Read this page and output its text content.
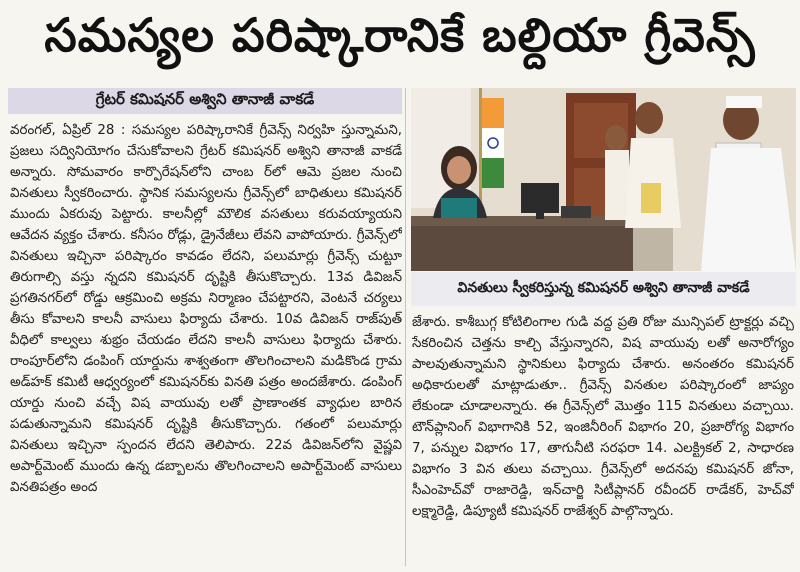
సమస్యల పరిష్కారానికే బల్దియా గ్రీవెన్స్
గ్రేటర్ కమిషనర్ అశ్విని తానాజీ వాకడే
వరంగల్, ఏప్రిల్ 28 : సమస్యల పరిష్కారానికే గ్రీవెన్స్ నిర్వహి స్తున్నామని, ప్రజలు సద్వినియోగం చేసుకోవాలని గ్రేటర్ కమిషనర్ అశ్విని తానాజీ వాకడే అన్నారు. సోమవారం కార్పొరేషన్‌లోని చాంబ ర్‌లో ఆమె ప్రజల నుంచి వినతులు స్వీకరించారు. స్థానిక సమస్యలను గ్రీవెన్స్‌లో బాధితులు కమిషనర్ ముందు ఏకరువు పెట్టారు. కాలనీల్లో మౌలిక వసతులు కరువయ్యాయని ఆవేదన వ్యక్తం చేశారు. కనీసం రోడ్లు, డ్రైనేజీలు లేవని వాపోయారు. గ్రీవెన్స్‌లో వినతులు ఇచ్చినా పరిష్కారం కావడం లేదని, పలుమార్లు గ్రీవెన్స్ చుట్టూ తిరుగాల్సి వస్తు న్నదని కమిషనర్ దృష్టికి తీసుకొచ్చారు. 13వ డివిజన్ ప్రగతినగర్‌లో రోడ్డు ఆక్రమించి అక్రమ నిర్మాణం చేపట్టారని, వెంటనే చర్యలు తీసు కోవాలని కాలనీ వాసులు ఫిర్యాదు చేశారు. 10వ డివిజన్ రాజ్‌పుత్ వీధిలో కాల్వలు శుభ్రం చేయడం లేదని కాలనీ వాసులు ఫిర్యాదు చేశారు. రాంపూర్‌లోని డంపింగ్ యార్డును శాశ్వతంగా తొలగించాలని మడికొండ గ్రామ అడ్‌హక్ కమిటీ ఆధ్వర్యంలో కమిషనర్‌కు వినతి పత్రం అందజేశారు. డంపింగ్ యార్డు నుంచి వచ్చే విష వాయువు లతో ప్రాణాంతక వ్యాధుల బారిన పడుతున్నామని కమిషనర్ దృష్టికి తీసుకొచ్చారు. గతంలో పలుమార్లు వినతులు ఇచ్చినా స్పందన లేదని తెలిపారు. 22వ డివిజన్‌లోని వైష్ణవి అపార్ట్‌మెంట్ ముందు ఉన్న డబ్బాలను తొలగించాలని అపార్ట్‌మెంట్ వాసులు వినతిపత్రం అంద
వినతులు స్వీకరిస్తున్న కమిషనర్ అశ్విని తానాజీ వాకడే
జేశారు. కాశీబుగ్గ కోటిలింగాల గుడి వద్ద ప్రతి రోజు మున్సిపల్ ట్రాక్టర్లు వచ్చి సేకరించిన చెత్తను కాల్చి వేస్తున్నారని, విష వాయువు లతో అనారోగ్యం పాలవుతున్నామని స్థానికులు ఫిర్యాదు చేశారు. అనంతరం కమిషనర్ అధికారులతో మాట్లాడుతూ.. గ్రీవెన్స్ వినతుల పరిష్కారంలో జాప్యం లేకుండా చూడాలన్నారు. ఈ గ్రీవెన్స్‌లో మొత్తం 115 వినతులు వచ్చాయి. టౌన్‌ప్లానింగ్ విభాగానికి 52, ఇంజినీరింగ్ విభాగం 20, ప్రజారోగ్య విభాగం 7, పన్నుల విభాగం 17, తాగునీటి సరఫరా 14. ఎలక్ట్రికల్ 2, సాధారణ విభాగం 3 విన తులు వచ్చాయి. గ్రీవెన్స్‌లో అదనపు కమిషనర్ జోనా, సీఎంహెచ్‌వో రాజారెడ్డి, ఇన్‌చార్జి సిటీప్లానర్ రవీందర్ రాడేకర్, హెచ్‌వో లక్ష్మారెడ్డి, డిప్యూటీ కమిషనర్ రాజేశ్వర్ పాల్గొన్నారు.
